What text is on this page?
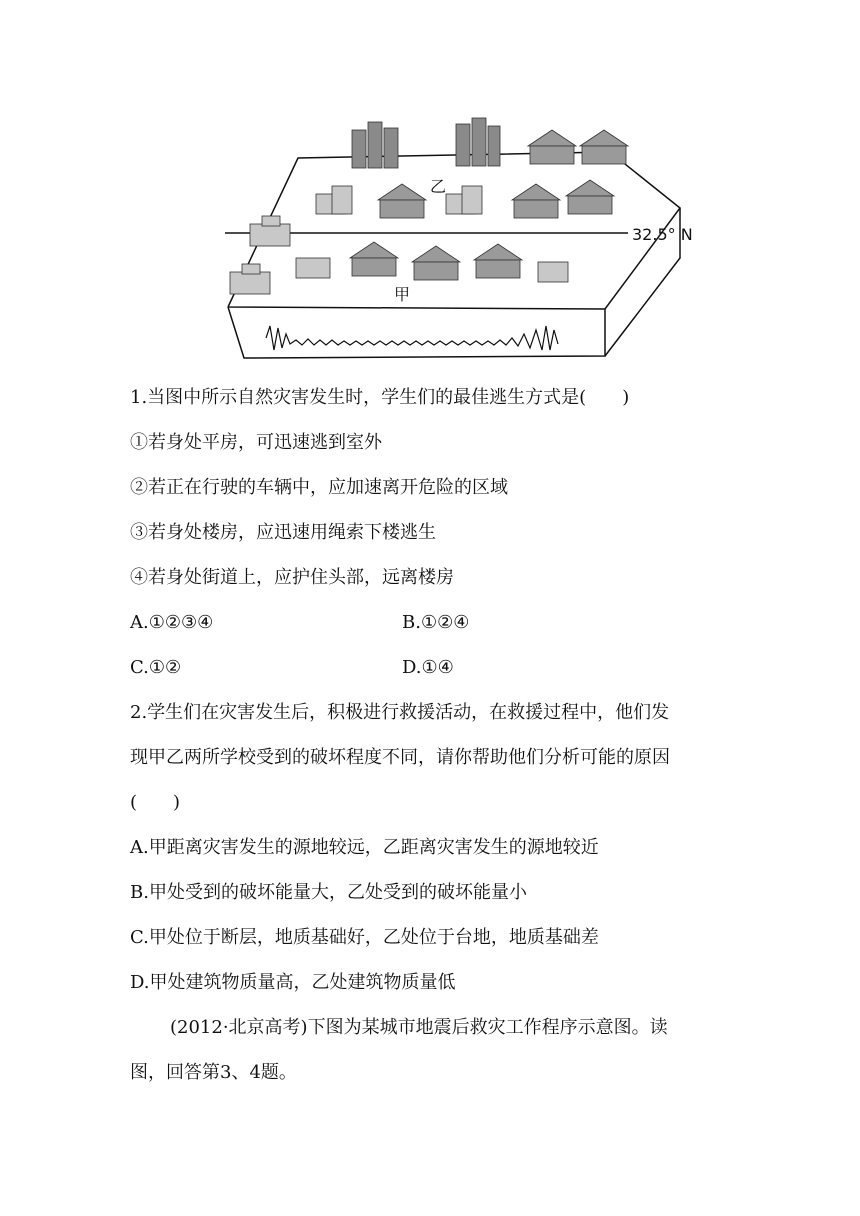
乙
甲
32.5° N
1.当图中所示自然灾害发生时，学生们的最佳逃生方式是(　　)
①若身处平房，可迅速逃到室外
②若正在行驶的车辆中，应加速离开危险的区域
③若身处楼房，应迅速用绳索下楼逃生
④若身处街道上，应护住头部，远离楼房
A.①②③④	B.①②④
C.①②	D.①④
2.学生们在灾害发生后，积极进行救援活动，在救援过程中，他们发
现甲乙两所学校受到的破坏程度不同，请你帮助他们分析可能的原因
(　　)
A.甲距离灾害发生的源地较远，乙距离灾害发生的源地较近
B.甲处受到的破坏能量大，乙处受到的破坏能量小
C.甲处位于断层，地质基础好，乙处位于台地，地质基础差
D.甲处建筑物质量高，乙处建筑物质量低
(2012·北京高考)下图为某城市地震后救灾工作程序示意图。读
图，回答第3、4题。
